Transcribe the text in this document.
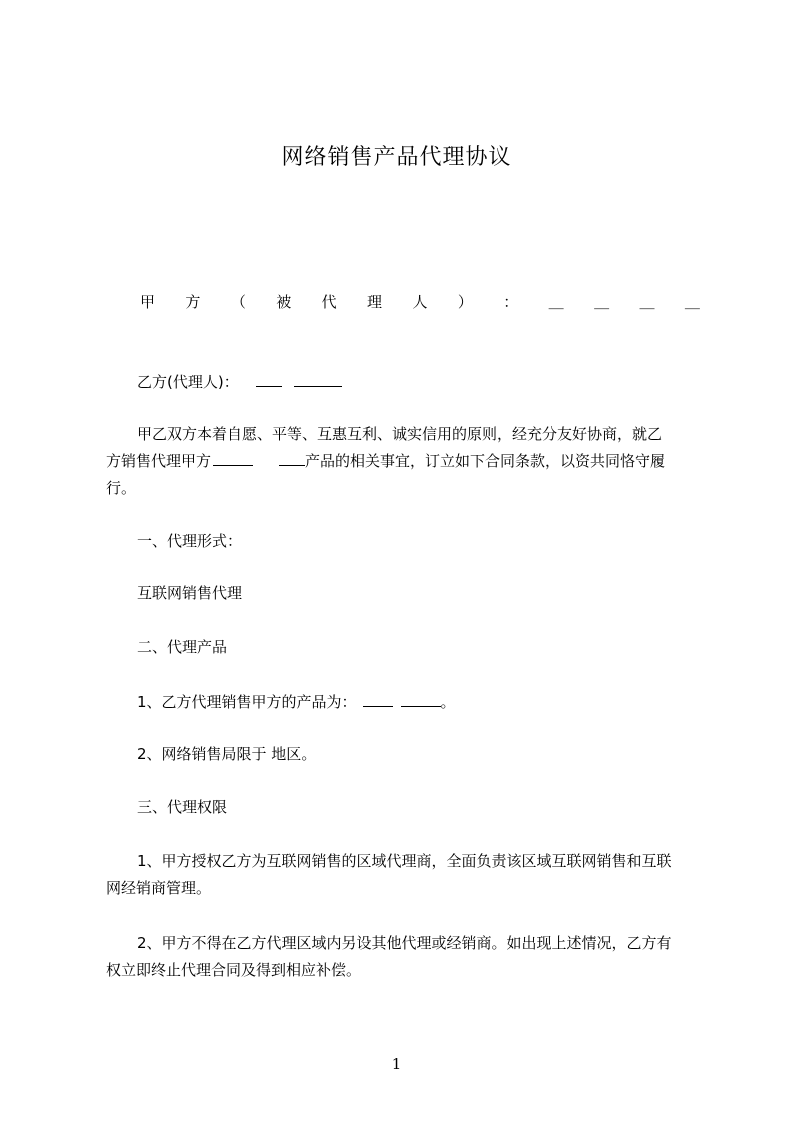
网络销售产品代理协议
甲 方 （ 被 代 理 人 ） ： ＿ ＿ ＿ ＿
乙方(代理人)：
甲乙双方本着自愿、平等、互惠互利、诚实信用的原则，经充分友好协商，就乙
方销售代理甲方	产品的相关事宜，订立如下合同条款，以资共同恪守履
行。
一、代理形式：
互联网销售代理
二、代理产品
1、乙方代理销售甲方的产品为：	。
2、网络销售局限于 地区。
三、代理权限
1、甲方授权乙方为互联网销售的区域代理商，全面负责该区域互联网销售和互联
网经销商管理。
2、甲方不得在乙方代理区域内另设其他代理或经销商。如出现上述情况，乙方有
权立即终止代理合同及得到相应补偿。
1
